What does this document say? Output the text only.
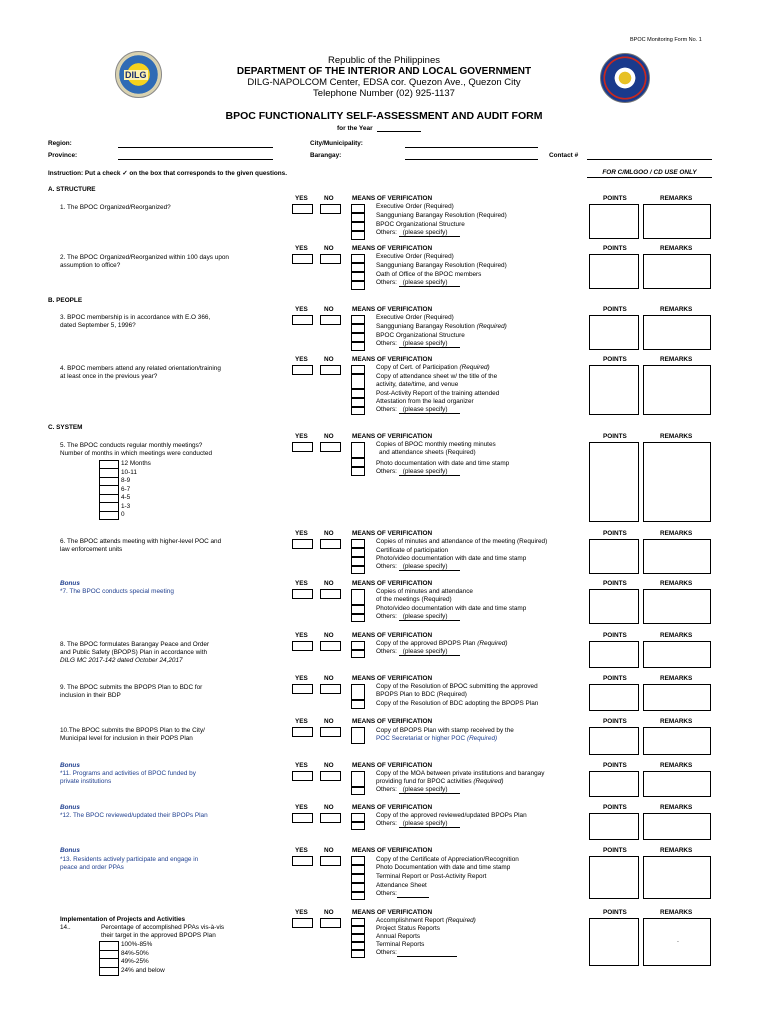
BPOC Monitoring Form No. 1
DILG
Republic of the Philippines
DEPARTMENT OF THE INTERIOR AND LOCAL GOVERNMENT
DILG-NAPOLCOM Center, EDSA cor. Quezon Ave., Quezon City
Telephone Number (02) 925-1137
BPOC FUNCTIONALITY SELF-ASSESSMENT AND AUDIT FORM
for the Year
Region:
Province:
City/Municipality:
Barangay:	Contact #
Instruction: Put a check ✓ on the box that corresponds to the given questions.	FOR C/MLGOO / CD USE ONLY
A. STRUCTURE
YES	NO	MEANS OF VERIFICATION
1. The BPOC Organized/Reorganized?	Executive Order (Required)
Sangguniang Barangay Resolution (Required)
BPOC Organizational Structure
Others: (please specify)
POINTS	REMARKS
YES	NO	MEANS OF VERIFICATION
2. The BPOC Organized/Reorganized within 100 days upon
assumption to office?
Executive Order (Required)
Sangguniang Barangay Resolution (Required)
Oath of Office of the BPOC members
Others: (please specify)
POINTS	REMARKS
B. PEOPLE
YES	NO	MEANS OF VERIFICATION
3. BPOC membership is in accordance with E.O 366,
dated September 5, 1996?
Executive Order (Required)
Sangguniang Barangay Resolution (Required)
BPOC Organizational Structure
Others: (please specify)
POINTS	REMARKS
YES	NO	MEANS OF VERIFICATION
4. BPOC members attend any related orientation/training
at least once in the previous year?
Copy of Cert. of Participation (Required)
Copy of attendance sheet w/ the title of the
activity, date/time, and venue
Post-Activity Report of the training attended
Attestation from the lead organizer
Others: (please specify)
POINTS	REMARKS
C. SYSTEM
YES	NO	MEANS OF VERIFICATION
5. The BPOC conducts regular monthly meetings?
Number of months in which meetings were conducted
12 Months
10-11
8-9
6-7
4-5
1-3
0
Copies of BPOC monthly meeting minutes
and attendance sheets (Required)
Photo documentation with date and time stamp
Others: (please specify)
POINTS	REMARKS
YES	NO	MEANS OF VERIFICATION
6. The BPOC attends meeting with higher-level POC and
law enforcement units
Copies of minutes and attendance of the meeting (Required)
Certificate of participation
Photo/video documentation with date and time stamp
Others: (please specify)
POINTS	REMARKS
Bonus
*7. The BPOC conducts special meeting
YES	NO	MEANS OF VERIFICATION
Copies of minutes and attendance
of the meetings (Required)
Photo/video documentation with date and time stamp
Others: (please specify)
POINTS	REMARKS
YES	NO	MEANS OF VERIFICATION
8. The BPOC formulates Barangay Peace and Order
and Public Safety (BPOPS) Plan in accordance with
DILG MC 2017-142 dated October 24,2017
Copy of the approved BPOPS Plan (Required)
Others: (please specify)
POINTS	REMARKS
YES	NO	MEANS OF VERIFICATION
9. The BPOC submits the BPOPS Plan to BDC for
inclusion in their BDP
Copy of the Resolution of BPOC submitting the approved
BPOPS Plan to BDC (Required)
Copy of the Resolution of BDC adopting the BPOPS Plan
POINTS	REMARKS
YES	NO	MEANS OF VERIFICATION
10.The BPOC submits the BPOPS Plan to the City/
Municipal level for inclusion in their POPS Plan
Copy of BPOPS Plan with stamp received by the
POC Secretariat or higher POC (Required)
POINTS	REMARKS
Bonus
*11. Programs and activities of BPOC funded by
private institutions
YES	NO	MEANS OF VERIFICATION
Copy of the MOA between private institutions and barangay
providing fund for BPOC activities (Required)
Others: (please specify)
POINTS	REMARKS
Bonus
*12. The BPOC reviewed/updated their BPOPs Plan
YES	NO	MEANS OF VERIFICATION
Copy of the approved reviewed/updated BPOPs Plan
Others: (please specify)
POINTS	REMARKS
Bonus
*13. Residents actively participate and engage in
peace and order PPAs
YES	NO	MEANS OF VERIFICATION
Copy of the Certificate of Appreciation/Recognition
Photo Documentation with date and time stamp
Terminal Report or Post-Activity Report
Attendance Sheet
Others:
POINTS	REMARKS
Implementation of Projects and Activities
14..	Percentage of accomplished PPAs vis-à-vis
their target in the approved BPOPS Plan
100%-85%
84%-50%
49%-25%
24% and below
YES	NO	MEANS OF VERIFICATION
Accomplishment Report (Required)
Project Status Reports
Annual Reports
Terminal Reports
Others:
POINTS	REMARKS
.
